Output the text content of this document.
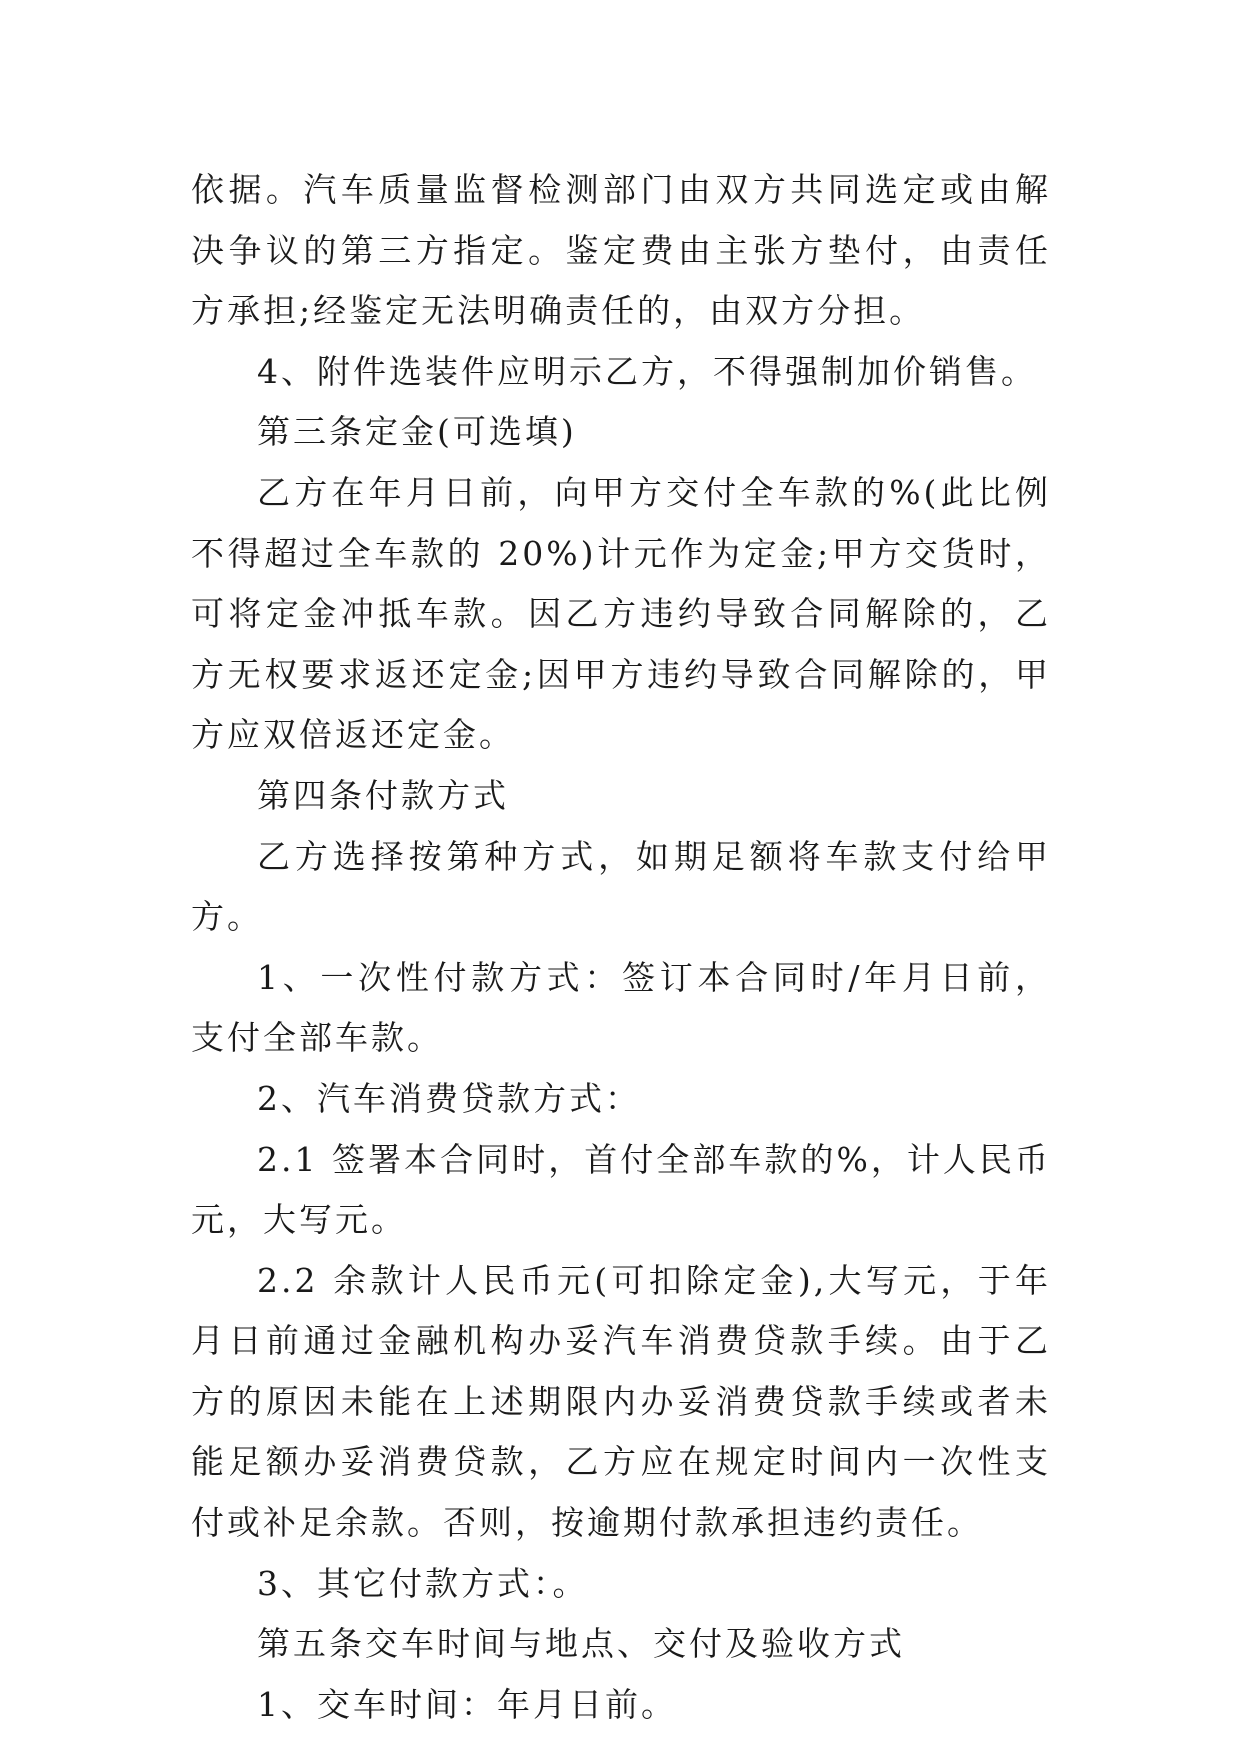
依据。汽车质量监督检测部门由双方共同选定或由解决争议的第三方指定。鉴定费由主张方垫付，由责任方承担;经鉴定无法明确责任的，由双方分担。

4、附件选装件应明示乙方，不得强制加价销售。

第三条定金(可选填)

乙方在年月日前，向甲方交付全车款的%(此比例不得超过全车款的 20%)计元作为定金;甲方交货时，可将定金冲抵车款。因乙方违约导致合同解除的，乙方无权要求返还定金;因甲方违约导致合同解除的，甲方应双倍返还定金。

第四条付款方式

乙方选择按第种方式，如期足额将车款支付给甲方。

1、一次性付款方式：签订本合同时/年月日前，支付全部车款。

2、汽车消费贷款方式：

2.1 签署本合同时，首付全部车款的%，计人民币元，大写元。

2.2 余款计人民币元(可扣除定金),大写元，于年月日前通过金融机构办妥汽车消费贷款手续。由于乙方的原因未能在上述期限内办妥消费贷款手续或者未能足额办妥消费贷款，乙方应在规定时间内一次性支付或补足余款。否则，按逾期付款承担违约责任。

3、其它付款方式：。

第五条交车时间与地点、交付及验收方式

1、交车时间：年月日前。
